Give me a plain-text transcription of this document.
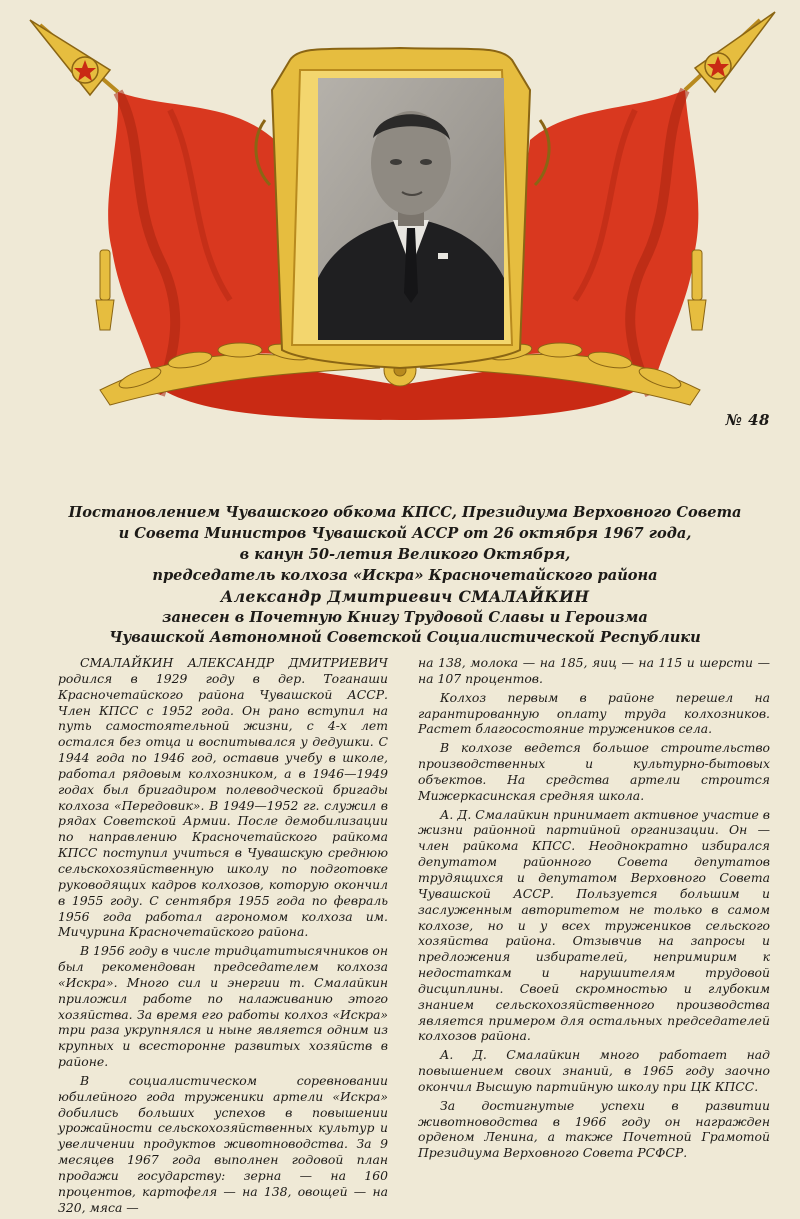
№ 48
Постановлением Чувашского обкома КПСС, Президиума Верховного Совета
и Совета Министров Чувашской АССР от 26 октября 1967 года,
в канун 50-летия Великого Октября,
председатель колхоза «Искра» Красночетайского района
Александр Дмитриевич СМАЛАЙКИН
занесен в Почетную Книгу Трудовой Славы и Героизма
Чувашской Автономной Советской Социалистической Республики

СМАЛАЙКИН АЛЕКСАНДР ДМИТРИЕВИЧ родился в 1929 году в дер. Тоганаши Красночетайского района Чувашской АССР. Член КПСС с 1952 года. Он рано вступил на путь самостоятельной жизни, с 4-х лет остался без отца и воспитывался у дедушки. С 1944 года по 1946 год, оставив учебу в школе, работал рядовым колхозником, а в 1946—1949 годах был бригадиром полеводческой бригады колхоза «Передовик». В 1949—1952 гг. служил в рядах Советской Армии. После демобилизации по направлению Красночетайского райкома КПСС поступил учиться в Чувашскую среднюю сельскохозяйственную школу по подготовке руководящих кадров колхозов, которую окончил в 1955 году. С сентября 1955 года по февраль 1956 года работал агрономом колхоза им. Мичурина Красночетайского района.

В 1956 году в числе тридцатитысячников он был рекомендован председателем колхоза «Искра». Много сил и энергии т. Смалайкин приложил работе по налаживанию этого хозяйства. За время его работы колхоз «Искра» три раза укрупнялся и ныне является одним из крупных и всесторонне развитых хозяйств в районе.

В социалистическом соревновании юбилейного года труженики артели «Искра» добились больших успехов в повышении урожайности сельскохозяйственных культур и увеличении продуктов животноводства. За 9 месяцев 1967 года выполнен годовой план продажи государству: зерна — на 160 процентов, картофеля — на 138, овощей — на 320, мяса —

на 138, молока — на 185, яиц — на 115 и шерсти — на 107 процентов.

Колхоз первым в районе перешел на гарантированную оплату труда колхозников. Растет благосостояние тружеников села.

В колхозе ведется большое строительство производственных и культурно-бытовых объектов. На средства артели строится Мижеркасинская средняя школа.

А. Д. Смалайкин принимает активное участие в жизни районной партийной организации. Он — член райкома КПСС. Неоднократно избирался депутатом районного Совета депутатов трудящихся и депутатом Верховного Совета Чувашской АССР. Пользуется большим и заслуженным авторитетом не только в самом колхозе, но и у всех тружеников сельского хозяйства района. Отзывчив на запросы и предложения избирателей, непримирим к недостаткам и нарушителям трудовой дисциплины. Своей скромностью и глубоким знанием сельскохозяйственного производства является примером для остальных председателей колхозов района.

А. Д. Смалайкин много работает над повышением своих знаний, в 1965 году заочно окончил Высшую партийную школу при ЦК КПСС.

За достигнутые успехи в развитии животноводства в 1966 году он награжден орденом Ленина, а также Почетной Грамотой Президиума Верховного Совета РСФСР.
